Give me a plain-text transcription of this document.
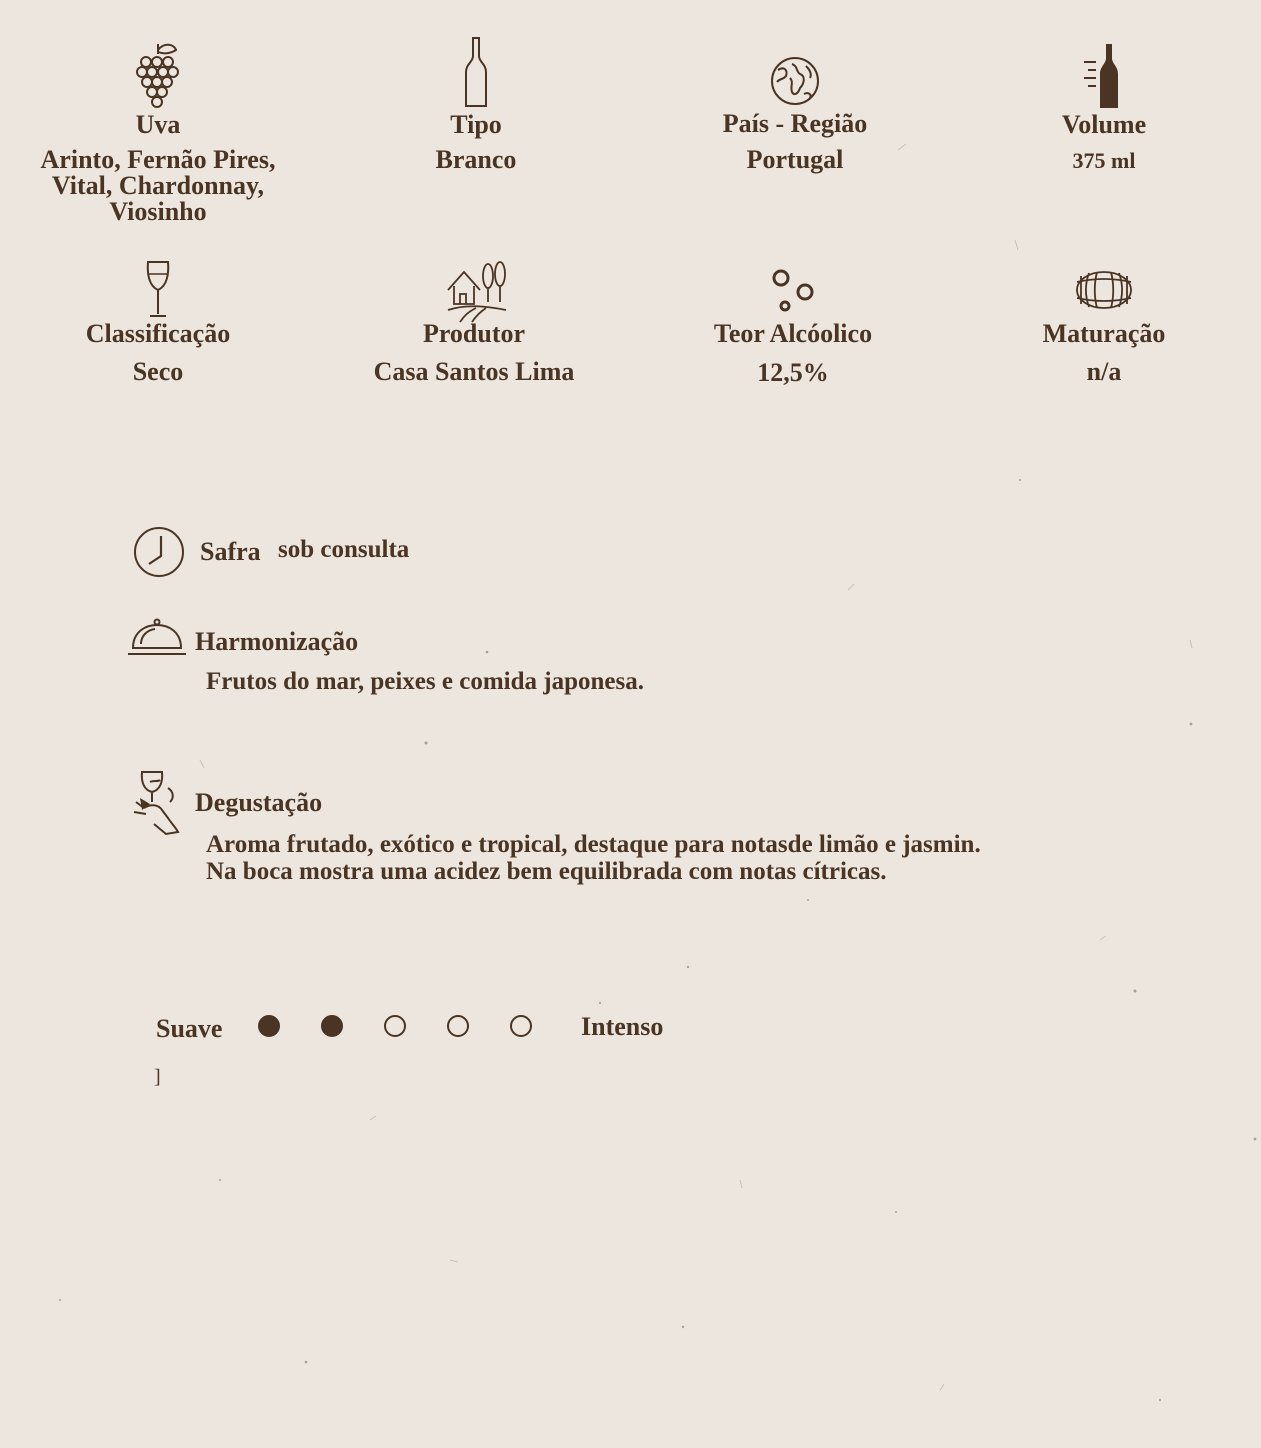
Uva
Arinto, Fernão Pires,
Vital, Chardonnay,
Viosinho
Tipo
Branco
País - Região
Portugal
Volume
375 ml
Classificação
Seco
Produtor
Casa Santos Lima
Teor Alcóolico
12,5%
Maturação
n/a
Safra sob consulta
Harmonização
Frutos do mar, peixes e comida japonesa.
Degustação
Aroma frutado, exótico e tropical, destaque para notasde limão e jasmin.
Na boca mostra uma acidez bem equilibrada com notas cítricas.
Suave	Intenso
]
